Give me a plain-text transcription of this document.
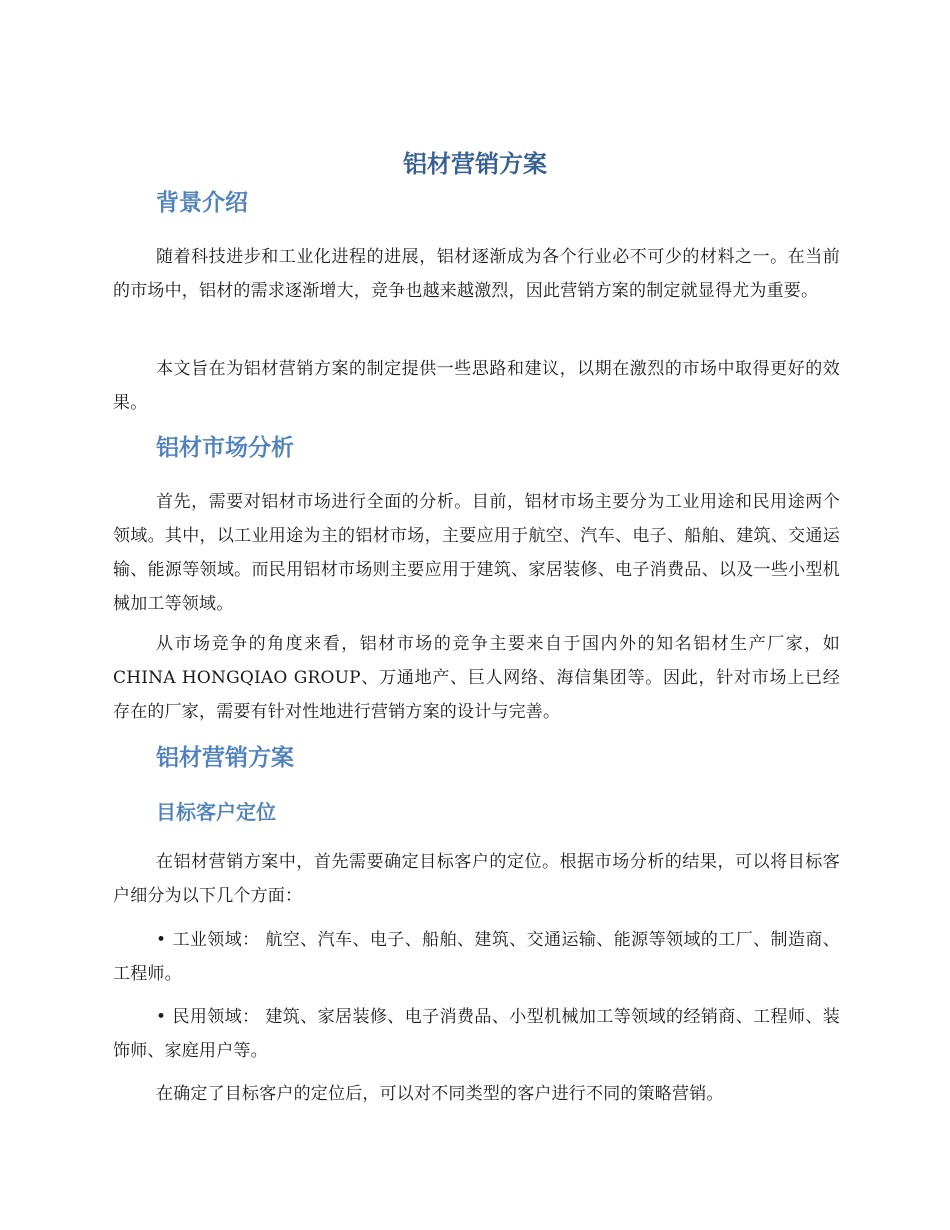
铝材营销方案
背景介绍

随着科技进步和工业化进程的进展，铝材逐渐成为各个行业必不可少的材料之一。在当前的市场中，铝材的需求逐渐增大，竞争也越来越激烈，因此营销方案的制定就显得尤为重要。

本文旨在为铝材营销方案的制定提供一些思路和建议，以期在激烈的市场中取得更好的效果。

铝材市场分析

首先，需要对铝材市场进行全面的分析。目前，铝材市场主要分为工业用途和民用途两个领域。其中，以工业用途为主的铝材市场，主要应用于航空、汽车、电子、船舶、建筑、交通运输、能源等领域。而民用铝材市场则主要应用于建筑、家居装修、电子消费品、以及一些小型机械加工等领域。

从市场竞争的角度来看，铝材市场的竞争主要来自于国内外的知名铝材生产厂家，如 CHINA HONGQIAO GROUP、万通地产、巨人网络、海信集团等。因此，针对市场上已经存在的厂家，需要有针对性地进行营销方案的设计与完善。

铝材营销方案
目标客户定位

在铝材营销方案中，首先需要确定目标客户的定位。根据市场分析的结果，可以将目标客户细分为以下几个方面：

• 工业领域： 航空、汽车、电子、船舶、建筑、交通运输、能源等领域的工厂、制造商、工程师。

• 民用领域： 建筑、家居装修、电子消费品、小型机械加工等领域的经销商、工程师、装饰师、家庭用户等。

在确定了目标客户的定位后，可以对不同类型的客户进行不同的策略营销。
